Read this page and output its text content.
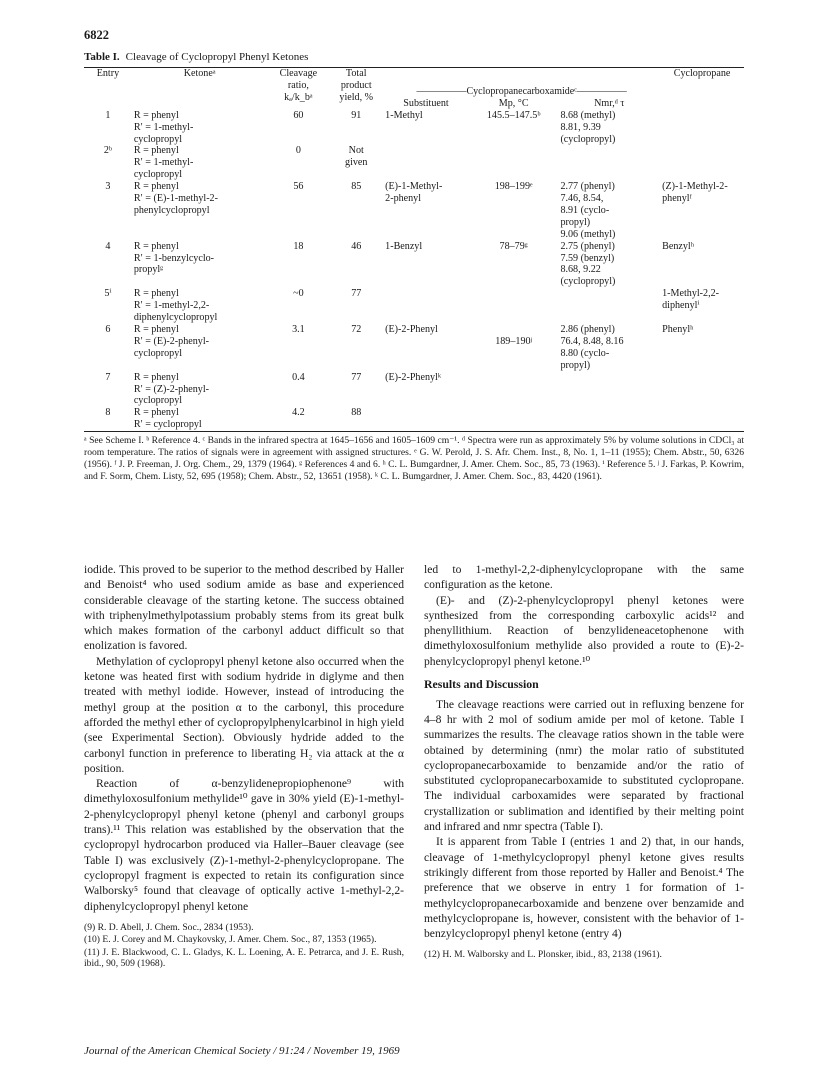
6822
Table I. Cleavage of Cyclopropyl Phenyl Ketones
Entry	Ketoneᵃ	Cleavage
ratio,
kₐ/k_bᵃ	Total
product
yield, %	—————Cyclopropanecarboxamideᶜ—————			Cyclopropane
				Substituent	Mp, °C	Nmr,ᵈ τ	
1	R = phenyl
R′ = 1-methyl-
cyclopropyl	60	91	1-Methyl	145.5–147.5ᵇ	8.68 (methyl)
8.81, 9.39
(cyclopropyl)	
2ᵇ	R = phenyl
R′ = 1-methyl-
cyclopropyl	0	Not
given				
3	R = phenyl
R′ = (E)-1-methyl-2-
phenylcyclopropyl	56	85	(E)-1-Methyl-
2-phenyl	198–199ᵉ	2.77 (phenyl)
7.46, 8.54,
8.91 (cyclo-
propyl)
9.06 (methyl)	(Z)-1-Methyl-2-
phenylᶠ
4	R = phenyl
R′ = 1-benzylcyclo-
propylᵍ	18	46	1-Benzyl	78–79ᵍ	2.75 (phenyl)
7.59 (benzyl)
8.68, 9.22
(cyclopropyl)	Benzylʰ
5ⁱ	R = phenyl
R′ = 1-methyl-2,2-
diphenylcyclopropyl	~0	77				1-Methyl-2,2-
diphenylⁱ
6	R = phenyl
R′ = (E)-2-phenyl-
cyclopropyl	3.1	72	(E)-2-Phenyl	
189–190ʲ	2.86 (phenyl)
76.4, 8.48, 8.16
8.80 (cyclo-
propyl)	Phenylʰ
7	R = phenyl
R′ = (Z)-2-phenyl-
cyclopropyl	0.4	77	(E)-2-Phenylᵏ			
8	R = phenyl
R′ = cyclopropyl	4.2	88				
ᵃ See Scheme I. ᵇ Reference 4. ᶜ Bands in the infrared spectra at 1645–1656 and 1605–1609 cm⁻¹. ᵈ Spectra were run as approximately 5% by volume solutions in CDCl₃ at room temperature. The ratios of signals were in agreement with assigned structures. ᵉ G. W. Perold, J. S. Afr. Chem. Inst., 8, No. 1, 1–11 (1955); Chem. Abstr., 50, 6326 (1956). ᶠ J. P. Freeman, J. Org. Chem., 29, 1379 (1964). ᵍ References 4 and 6. ʰ C. L. Bumgardner, J. Amer. Chem. Soc., 85, 73 (1963). ⁱ Reference 5. ʲ J. Farkas, P. Kowrim, and F. Sorm, Chem. Listy, 52, 695 (1958); Chem. Abstr., 52, 13651 (1958). ᵏ C. L. Bumgardner, J. Amer. Chem. Soc., 83, 4420 (1961).

iodide. This proved to be superior to the method described by Haller and Benoist⁴ who used sodium amide as base and experienced considerable cleavage of the starting ketone. The success obtained with triphenylmethylpotassium probably stems from its great bulk which makes formation of the carbonyl adduct difficult so that enolization is favored.

Methylation of cyclopropyl phenyl ketone also occurred when the ketone was heated first with sodium hydride in diglyme and then treated with methyl iodide. However, instead of introducing the methyl group at the position α to the carbonyl, this procedure afforded the methyl ether of cyclopropylphenylcarbinol in high yield (see Experimental Section). Obviously hydride added to the carbonyl function in preference to liberating H₂ via attack at the α position.

Reaction of α-benzylidenepropiophenone⁹ with dimethyloxosulfonium methylide¹⁰ gave in 30% yield (E)-1-methyl-2-phenylcyclopropyl phenyl ketone (phenyl and carbonyl groups trans).¹¹ This relation was established by the observation that the cyclopropyl hydrocarbon produced via Haller–Bauer cleavage (see Table I) was exclusively (Z)-1-methyl-2-phenylcyclopropane. The cyclopropyl fragment is expected to retain its configuration since Walborsky⁵ found that cleavage of optically active 1-methyl-2,2-diphenylcyclopropyl phenyl ketone

(9) R. D. Abell, J. Chem. Soc., 2834 (1953).
(10) E. J. Corey and M. Chaykovsky, J. Amer. Chem. Soc., 87, 1353 (1965).
(11) J. E. Blackwood, C. L. Gladys, K. L. Loening, A. E. Petrarca, and J. E. Rush, ibid., 90, 509 (1968).

led to 1-methyl-2,2-diphenylcyclopropane with the same configuration as the ketone.

(E)- and (Z)-2-phenylcyclopropyl phenyl ketones were synthesized from the corresponding carboxylic acids¹² and phenyllithium. Reaction of benzylideneacetophenone with dimethyloxosulfonium methylide also provided a route to (E)-2-phenylcyclopropyl phenyl ketone.¹⁰

Results and Discussion

The cleavage reactions were carried out in refluxing benzene for 4–8 hr with 2 mol of sodium amide per mol of ketone. Table I summarizes the results. The cleavage ratios shown in the table were obtained by determining (nmr) the molar ratio of substituted cyclopropanecarboxamide to benzamide and/or the ratio of substituted cyclopropanecarboxamide to substituted cyclopropane. The individual carboxamides were separated by fractional crystallization or sublimation and identified by their melting point and infrared and nmr spectra (Table I).

It is apparent from Table I (entries 1 and 2) that, in our hands, cleavage of 1-methylcyclopropyl phenyl ketone gives results strikingly different from those reported by Haller and Benoist.⁴ The preference that we observe in entry 1 for formation of 1-methylcyclopropanecarboxamide and benzene over benzamide and methylcyclopropane is, however, consistent with the behavior of 1-benzylcyclopropyl phenyl ketone (entry 4)

(12) H. M. Walborsky and L. Plonsker, ibid., 83, 2138 (1961).
Journal of the American Chemical Society / 91:24 / November 19, 1969
